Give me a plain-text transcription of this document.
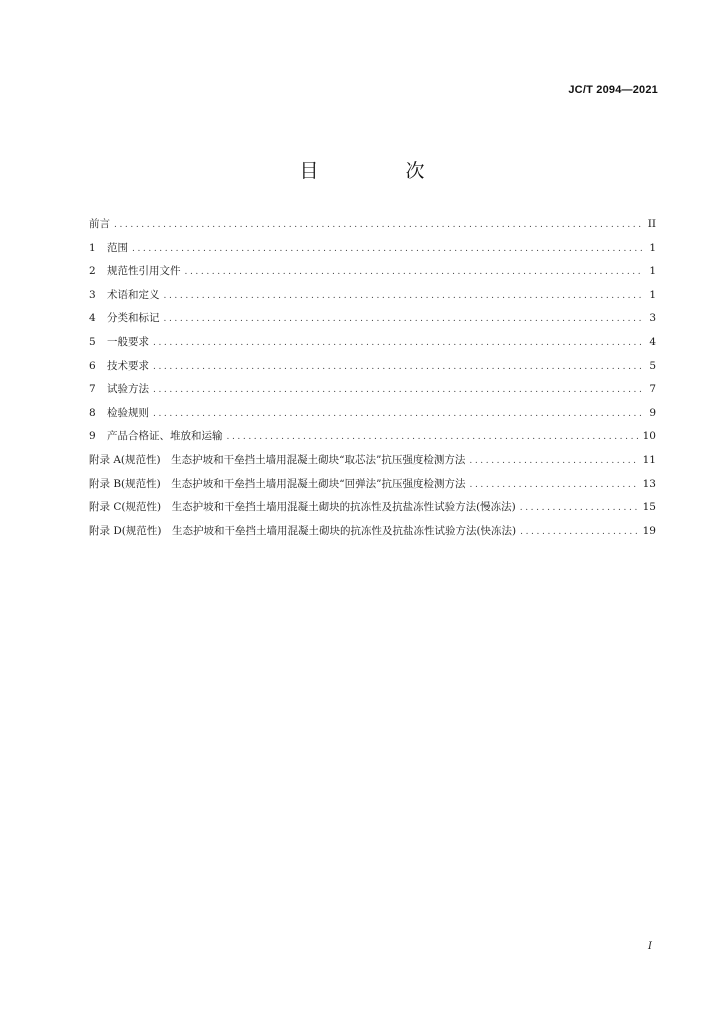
JC/T 2094—2021
目　次
前言 .....	II
1	范围 .....	1
2	规范性引用文件 .....	1
3	术语和定义 .....	1
4	分类和标记 .....	3
5	一般要求 .....	4
6	技术要求 .....	5
7	试验方法 .....	7
8	检验规则 .....	9
9	产品合格证、堆放和运输 .....	10
附录 A(规范性)　生态护坡和干垒挡土墙用混凝土砌块“取芯法”抗压强度检测方法 .....	11
附录 B(规范性)　生态护坡和干垒挡土墙用混凝土砌块“回弹法”抗压强度检测方法 .....	13
附录 C(规范性)　生态护坡和干垒挡土墙用混凝土砌块的抗冻性及抗盐冻性试验方法(慢冻法) .....	15
附录 D(规范性)　生态护坡和干垒挡土墙用混凝土砌块的抗冻性及抗盐冻性试验方法(快冻法) .....	19
I
